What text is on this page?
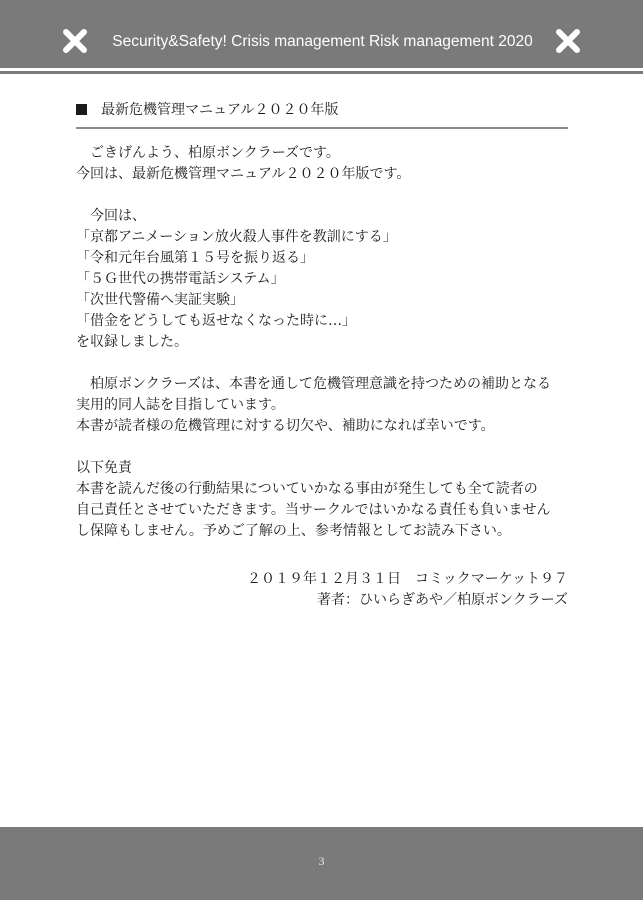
Security&Safety! Crisis management Risk management 2020
最新危機管理マニュアル２０２０年版
ごきげんよう、柏原ボンクラーズです。
今回は、最新危機管理マニュアル２０２０年版です。
今回は、
「京都アニメーション放火殺人事件を教訓にする」
「令和元年台風第１５号を振り返る」
「５Ｇ世代の携帯電話システム」
「次世代警備へ実証実験」
「借金をどうしても返せなくなった時に…」
を収録しました。
柏原ボンクラーズは、本書を通して危機管理意識を持つための補助となる
実用的同人誌を目指しています。
本書が読者様の危機管理に対する切欠や、補助になれば幸いです。
以下免責
本書を読んだ後の行動結果についていかなる事由が発生しても全て読者の
自己責任とさせていただきます。当サークルではいかなる責任も負いません
し保障もしません。予めご了解の上、参考情報としてお読み下さい。
２０１９年１２月３１日　コミックマーケット９７
著者：ひいらぎあや／柏原ボンクラーズ
3
